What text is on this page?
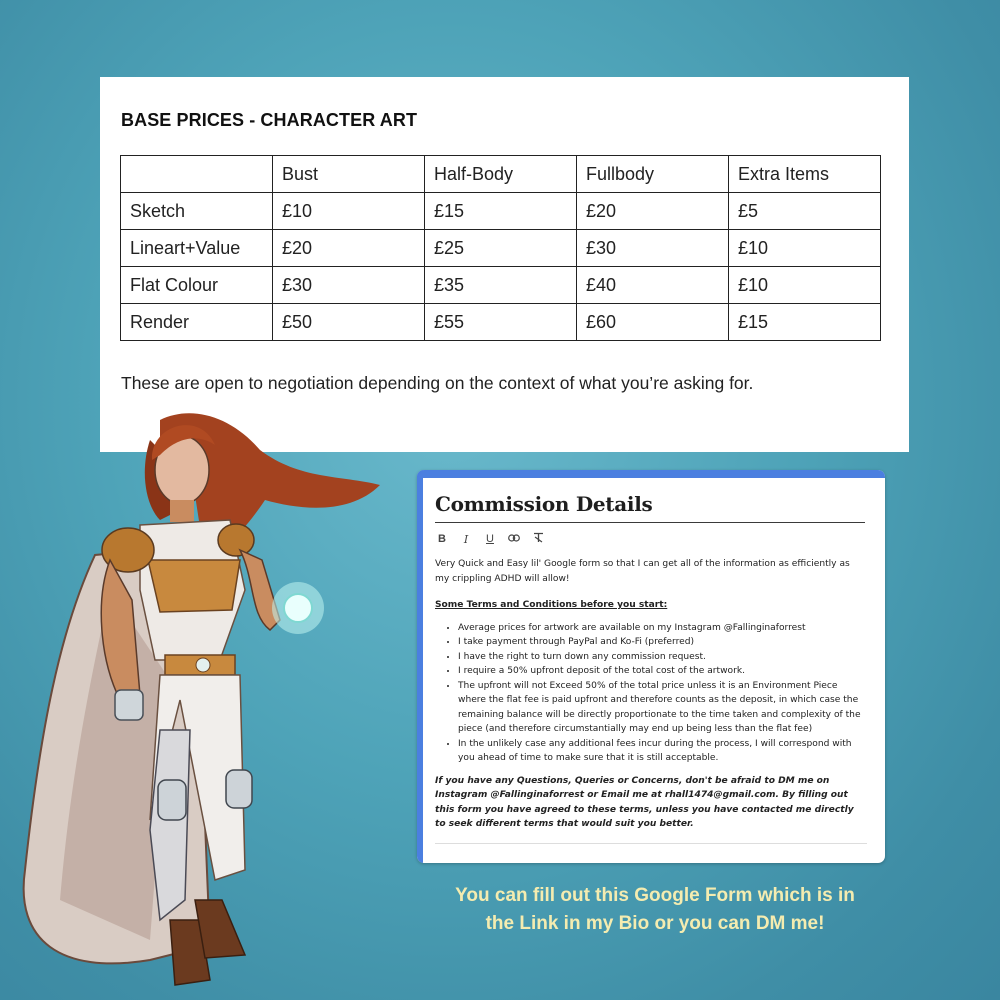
BASE PRICES - CHARACTER ART
	Bust	Half-Body	Fullbody	Extra Items
Sketch	£10	£15	£20	£5
Lineart+Value	£20	£25	£30	£10
Flat Colour	£30	£35	£40	£10
Render	£50	£55	£60	£15
These are open to negotiation depending on the context of what you’re asking for.
Commission Details
B	I	U
Very Quick and Easy lil' Google form so that I can get all of the information as efficiently as my crippling ADHD will allow!
Some Terms and Conditions before you start:
• Average prices for artwork are available on my Instagram @Fallinginaforrest
• I take payment through PayPal and Ko-Fi (preferred)
• I have the right to turn down any commission request.
• I require a 50% upfront deposit of the total cost of the artwork.
• The upfront will not Exceed 50% of the total price unless it is an Environment Piece where the flat fee is paid upfront and therefore counts as the deposit, in which case the remaining balance will be directly proportionate to the time taken and complexity of the piece (and therefore circumstantially may end up being less than the flat fee)
• In the unlikely case any additional fees incur during the process, I will correspond with you ahead of time to make sure that it is still acceptable.
If you have any Questions, Queries or Concerns, don't be afraid to DM me on Instagram @Fallinginaforrest or Email me at rhall1474@gmail.com. By filling out this form you have agreed to these terms, unless you have contacted me directly to seek different terms that would suit you better.
You can fill out this Google Form which is in
the Link in my Bio or you can DM me!
